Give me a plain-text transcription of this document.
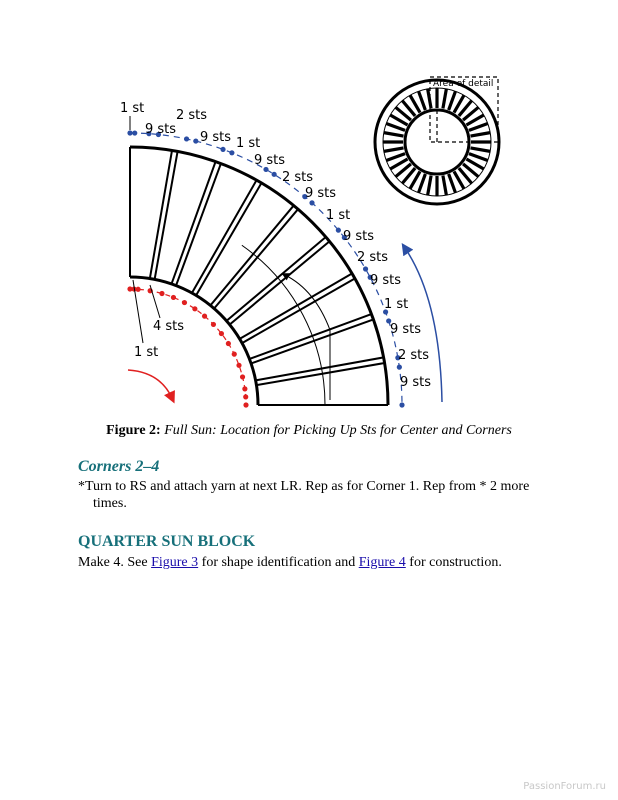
1 st
9 sts
2 sts
9 sts 1 st
9 sts
2 sts
9 sts
1 st
9 sts
2 sts
9 sts
1 st
9 sts
2 sts
9 sts
4 sts
1 st
Area of detail
Figure 2: Full Sun: Location for Picking Up Sts for Center and Corners
Corners 2–4

*Turn to RS and attach yarn at next LR. Rep as for Corner 1. Rep from * 2 more times.

QUARTER SUN BLOCK

Make 4. See Figure 3 for shape identification and Figure 4 for construction.

PassionForum.ru
